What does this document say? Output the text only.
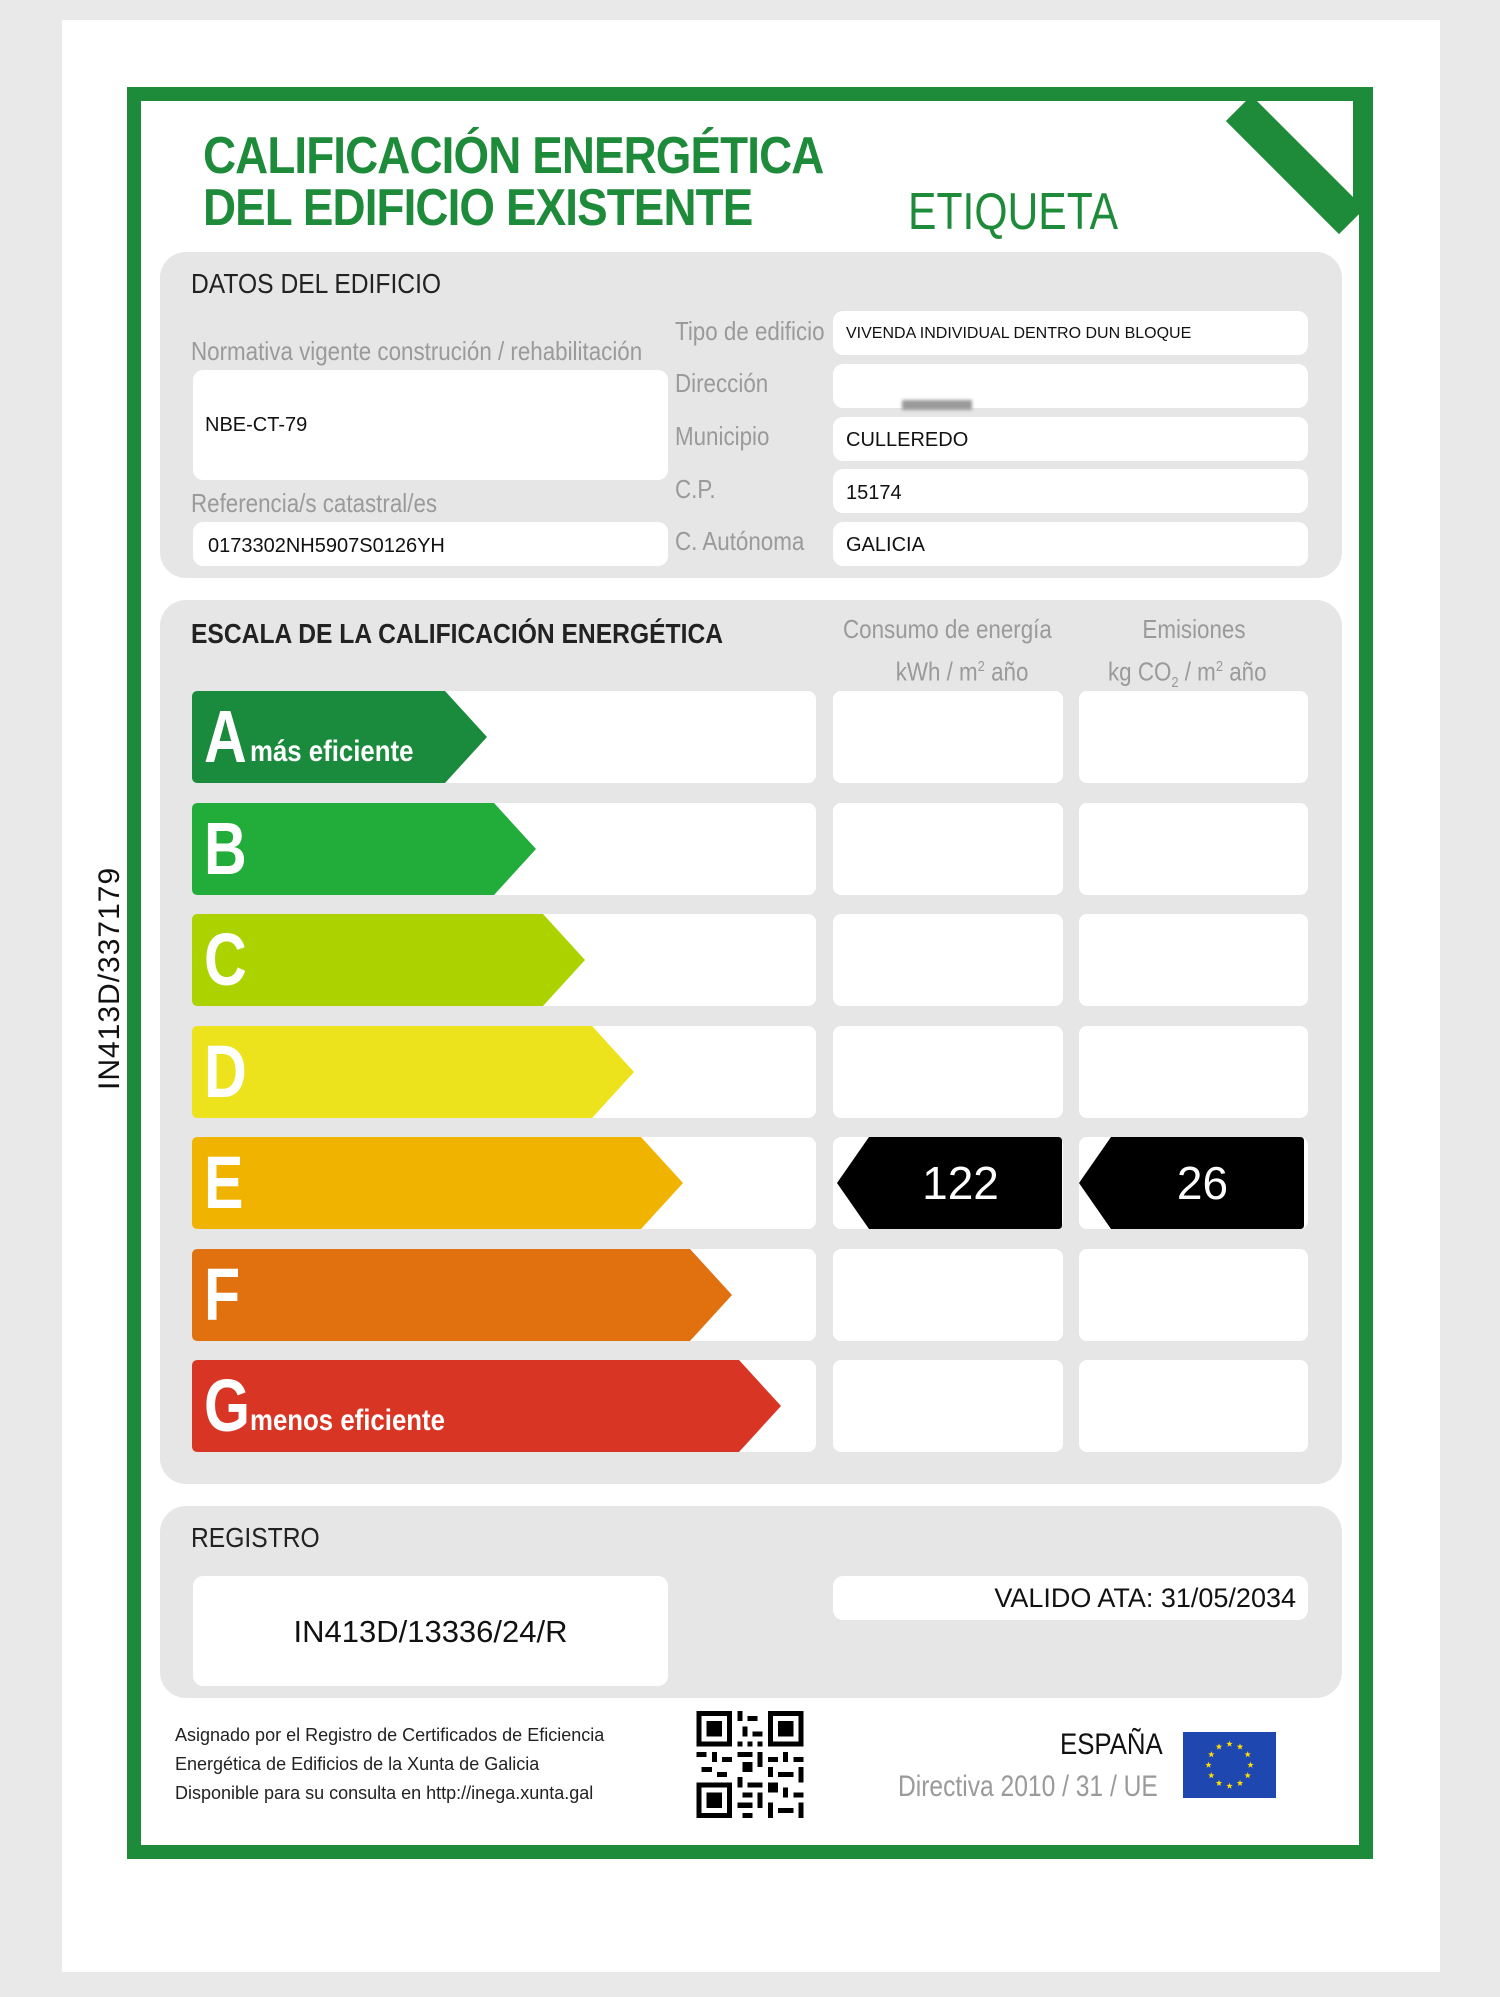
IN413D/337179
CALIFICACIÓN ENERGÉTICA
DEL EDIFICIO EXISTENTE	ETIQUETA
DATOS DEL EDIFICIO
Normativa vigente construción / rehabilitación
NBE-CT-79
Referencia/s catastral/es
0173302NH5907S0126YH
Tipo de edificio VIVENDA INDIVIDUAL DENTRO DUN BLOQUE
Dirección
Municipio	CULLEREDO
C.P.	15174
C. Autónoma GALICIA
ESCALA DE LA CALIFICACIÓN ENERGÉTICA	Consumo de energía
kWh / $m^2$ año
Emisiones
kg $CO_2 / m^2$ año
A más eficiente
B
C
D
E	122	26
F
G menos eficiente
REGISTRO
IN413D/13336/24/R
VALIDO ATA: 31/05/2034
Asignado por el Registro de Certificados de Eficiencia
Energética de Edificios de la Xunta de Galicia
Disponible para su consulta en http://inega.xunta.gal
ESPAÑA
Directiva 2010 / 31 / UE
